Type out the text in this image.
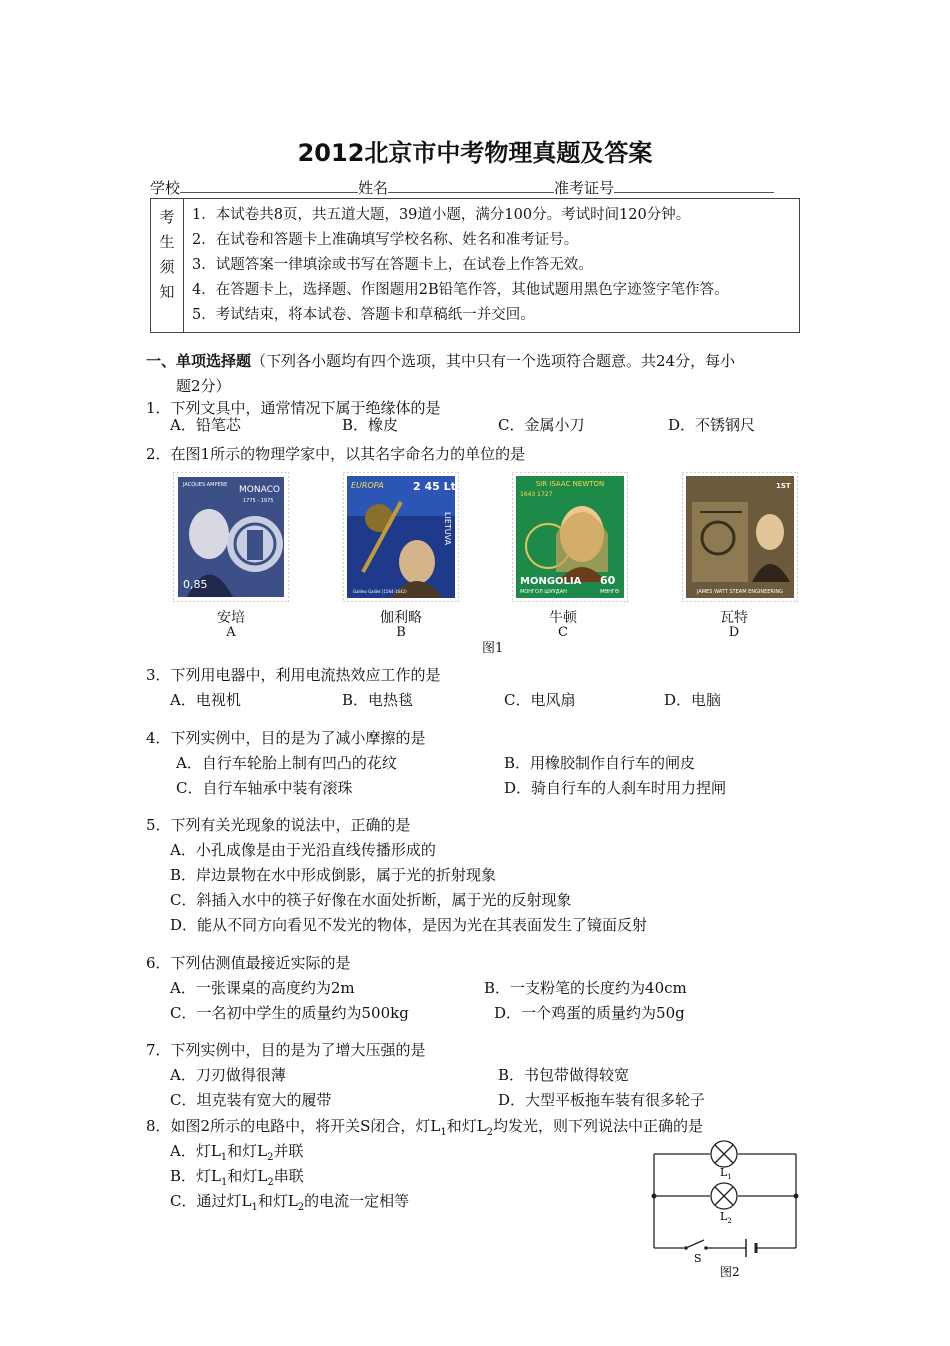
2012北京市中考物理真题及答案
学校	姓名	准考证号
考
生
须
知

1．本试卷共8页，共五道大题，39道小题，满分100分。考试时间120分钟。
2．在试卷和答题卡上准确填写学校名称、姓名和准考证号。
3．试题答案一律填涂或书写在答题卡上，在试卷上作答无效。
4．在答题卡上，选择题、作图题用2B铅笔作答，其他试题用黑色字迹签字笔作答。
5．考试结束，将本试卷、答题卡和草稿纸一并交回。
一、单项选择题（下列各小题均有四个选项，其中只有一个选项符合题意。共24分，每小
题2分）
1．下列文具中，通常情况下属于绝缘体的是
A．铅笔芯	B．橡皮	C．金属小刀	D．不锈钢尺
2．在图1所示的物理学家中，以其名字命名力的单位的是
JACQUES AMPERE MONACO
1775 - 1975
0,85
安培
A
EUROPA	2 45 Lt
LIETUVA
Galileo Galilei (1564-1642)
伽利略
B
SIR ISAAC NEWTON
1643 1727
MONGOLIA 60
МОНГОЛ ШУУДАН	МӨНГӨ
牛顿
C
1ST
JAMES WATT STEAM ENGINEERING
瓦特
D
图1
3．下列用电器中，利用电流热效应工作的是
A．电视机	B．电热毯	C．电风扇	D．电脑
4．下列实例中，目的是为了减小摩擦的是
A．自行车轮胎上制有凹凸的花纹	B．用橡胶制作自行车的闸皮
C．自行车轴承中装有滚珠	D．骑自行车的人刹车时用力捏闸
5．下列有关光现象的说法中，正确的是
A．小孔成像是由于光沿直线传播形成的
B．岸边景物在水中形成倒影，属于光的折射现象
C．斜插入水中的筷子好像在水面处折断，属于光的反射现象
D．能从不同方向看见不发光的物体，是因为光在其表面发生了镜面反射
6．下列估测值最接近实际的是
A．一张课桌的高度约为2m	B．一支粉笔的长度约为40cm
C．一名初中学生的质量约为500kg	D．一个鸡蛋的质量约为50g
7．下列实例中，目的是为了增大压强的是
A．刀刃做得很薄	B．书包带做得较宽
C．坦克装有宽大的履带	D．大型平板拖车装有很多轮子
8．如图2所示的电路中，将开关S闭合，灯$L_1$和灯$L_2$均发光，则下列说法中正确的是
A．灯$L_1$和灯$L_2$并联
B．灯$L_1$和灯$L_2$串联
C．通过灯$L_1$和灯$L_2$的电流一定相等
$L_1$
$L_2$
S
图2
